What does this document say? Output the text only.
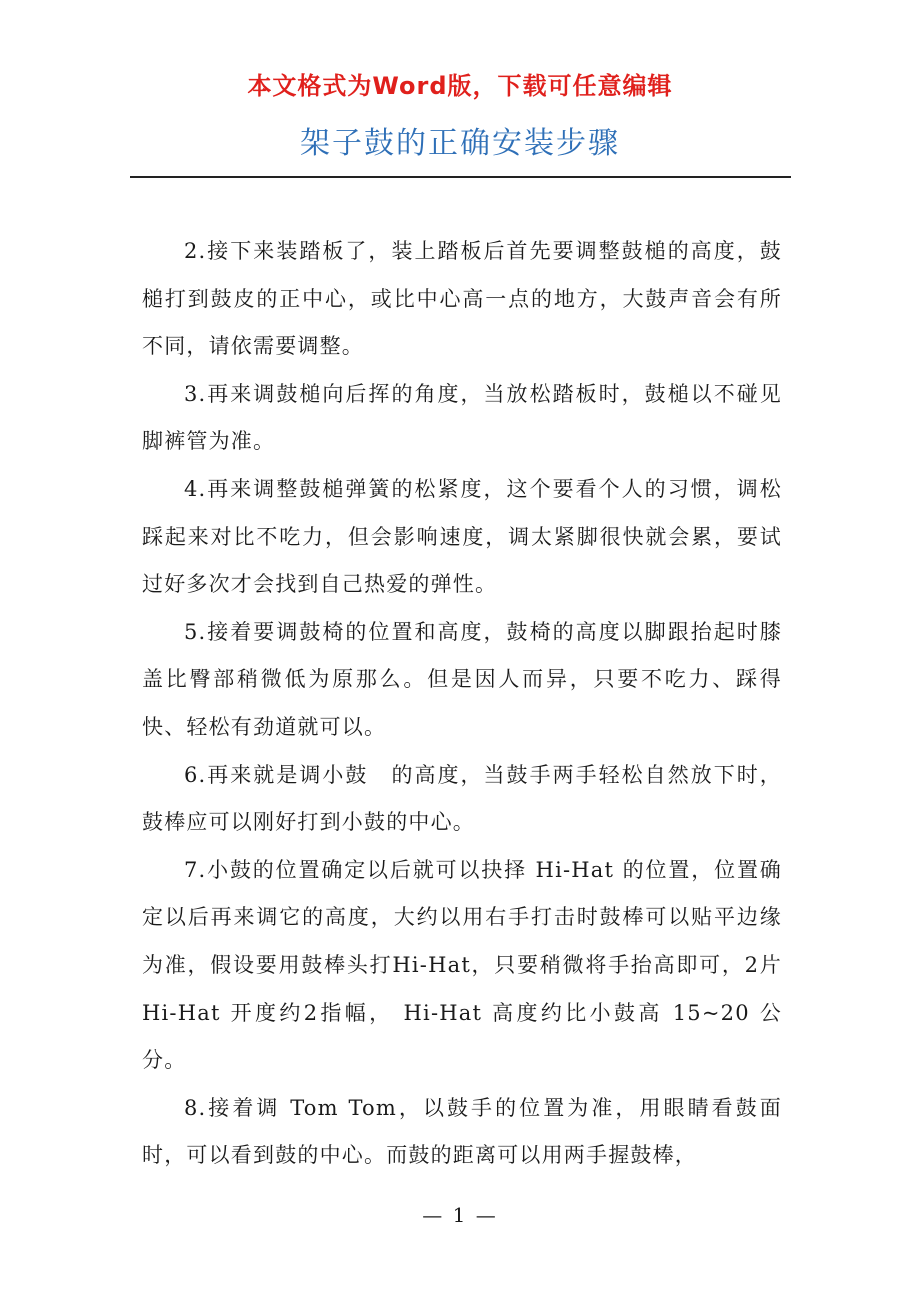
本文格式为Word版，下载可任意编辑
架子鼓的正确安装步骤

2.接下来装踏板了，装上踏板后首先要调整鼓槌的高度，鼓槌打到鼓皮的正中心，或比中心高一点的地方，大鼓声音会有所不同，请依需要调整。

3.再来调鼓槌向后挥的角度，当放松踏板时，鼓槌以不碰见脚裤管为准。

4.再来调整鼓槌弹簧的松紧度，这个要看个人的习惯，调松踩起来对比不吃力，但会影响速度，调太紧脚很快就会累，要试过好多次才会找到自己热爱的弹性。

5.接着要调鼓椅的位置和高度，鼓椅的高度以脚跟抬起时膝盖比臀部稍微低为原那么。但是因人而异，只要不吃力、踩得快、轻松有劲道就可以。

6.再来就是调小鼓　的高度，当鼓手两手轻松自然放下时，鼓棒应可以刚好打到小鼓的中心。

7.小鼓的位置确定以后就可以抉择 Hi-Hat 的位置，位置确定以后再来调它的高度，大约以用右手打击时鼓棒可以贴平边缘为准，假设要用鼓棒头打Hi-Hat，只要稍微将手抬高即可，2片Hi-Hat 开度约2指幅， Hi-Hat 高度约比小鼓高 15~20 公分。

8.接着调 Tom Tom，以鼓手的位置为准，用眼睛看鼓面时，可以看到鼓的中心。而鼓的距离可以用两手握鼓棒，

— 1 —
